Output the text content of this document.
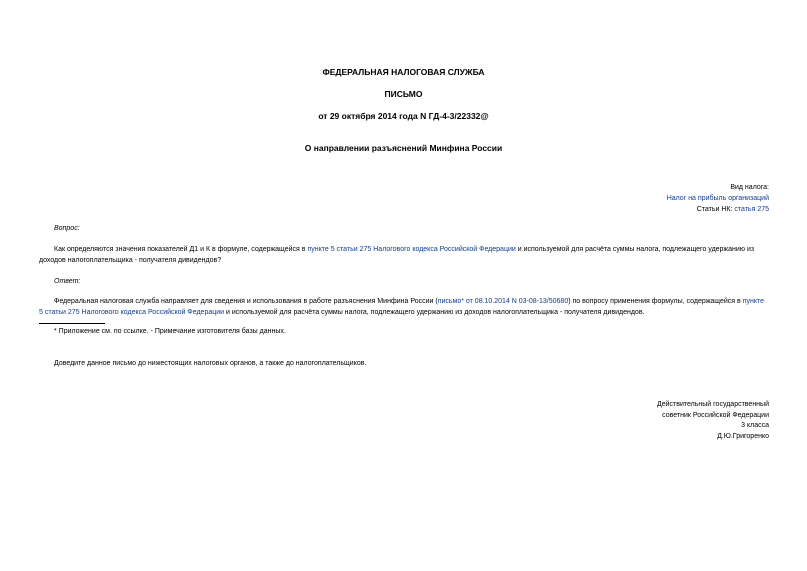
ФЕДЕРАЛЬНАЯ НАЛОГОВАЯ СЛУЖБА
ПИСЬМО
от 29 октября 2014 года N ГД-4-3/22332@
О направлении разъяснений Минфина России
Вид налога:
Налог на прибыль организаций
Статьи НК: статья 275

Вопрос:

Как определяются значения показателей Д1 и К в формуле, содержащейся в пункте 5 статьи 275 Налогового кодекса Российской Федерации и используемой для расчёта суммы налога, подлежащего удержанию из доходов налогоплательщика - получателя дивидендов?

Ответ:

Федеральная налоговая служба направляет для сведения и использования в работе разъяснения Минфина России (письмо* от 08.10.2014 N 03-08-13/50680) по вопросу применения формулы, содержащейся в пункте 5 статьи 275 Налогового кодекса Российской Федерации и используемой для расчёта суммы налога, подлежащего удержанию из доходов налогоплательщика - получателя дивидендов.

* Приложение см. по ссылке. - Примечание изготовителя базы данных.

Доведите данное письмо до нижестоящих налоговых органов, а также до налогоплательщиков.

Действительный государственный
советник Российской Федерации
3 класса
Д.Ю.Григоренко
